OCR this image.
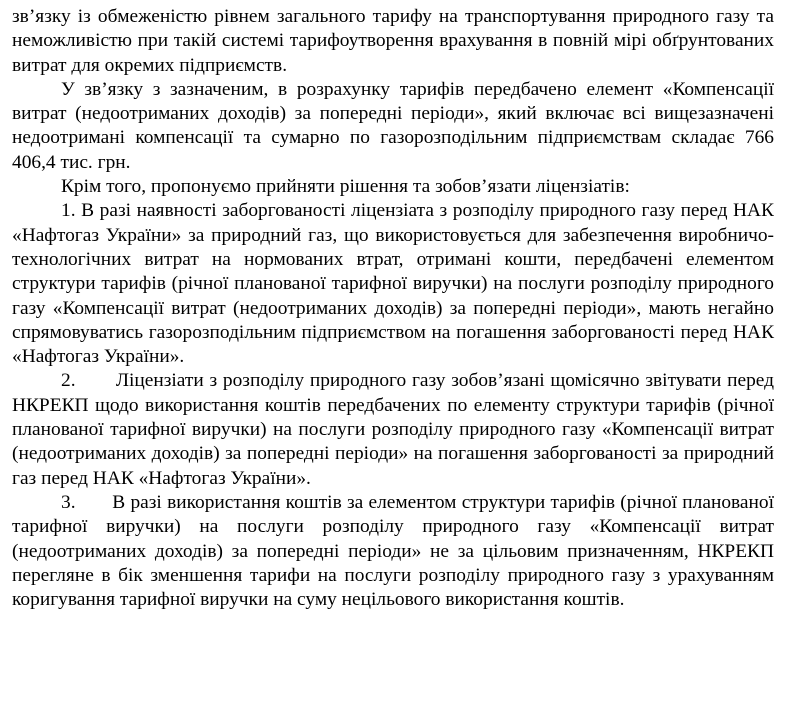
зв’язку із обмеженістю рівнем загального тарифу на транспортування природного газу та неможливістю при такій системі тарифоутворення врахування в повній мірі обґрунтованих витрат для окремих підприємств.

У зв’язку з зазначеним, в розрахунку тарифів передбачено елемент «Компенсації витрат (недоотриманих доходів) за попередні періоди», який включає всі вищезазначені недоотримані компенсації та сумарно по газорозподільним підприємствам складає 766 406,4 тис. грн.

Крім того, пропонуємо прийняти рішення та зобов’язати ліцензіатів:

1. В разі наявності заборгованості ліцензіата з розподілу природного газу перед НАК «Нафтогаз України» за природний газ, що використовується для забезпечення виробничо-технологічних витрат на нормованих втрат, отримані кошти, передбачені елементом структури тарифів (річної планованої тарифної виручки) на послуги розподілу природного газу «Компенсації витрат (недоотриманих доходів) за попередні періоди», мають негайно спрямовуватись газорозподільним підприємством на погашення заборгованості перед НАК «Нафтогаз України».

2.       Ліцензіати з розподілу природного газу зобов’язані щомісячно звітувати перед НКРЕКП щодо використання коштів передбачених по елементу структури тарифів (річної планованої тарифної виручки) на послуги розподілу природного газу «Компенсації витрат (недоотриманих доходів) за попередні періоди» на погашення заборгованості за природний газ перед НАК «Нафтогаз України».

3.       В разі використання коштів за елементом структури тарифів (річної планованої тарифної виручки) на послуги розподілу природного газу «Компенсації витрат (недоотриманих доходів) за попередні періоди» не за цільовим призначенням, НКРЕКП перегляне в бік зменшення тарифи на послуги розподілу природного газу з урахуванням коригування тарифної виручки на суму нецільового використання коштів.
